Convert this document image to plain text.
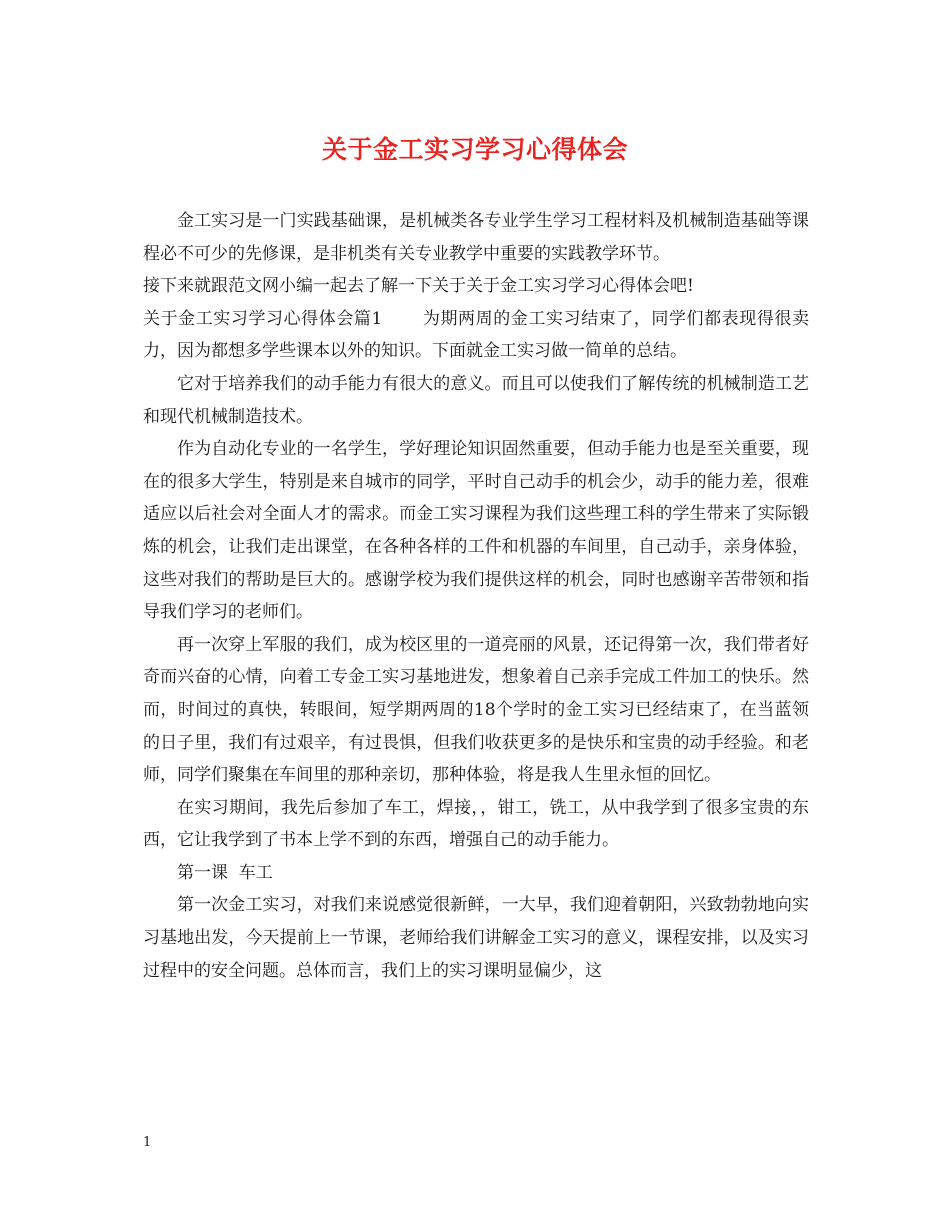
关于金工实习学习心得体会

金工实习是一门实践基础课，是机械类各专业学生学习工程材料及机械制造基础等课程必不可少的先修课，是非机类有关专业教学中重要的实践教学环节。

接下来就跟范文网小编一起去了解一下关于关于金工实习学习心得体会吧!

关于金工实习学习心得体会篇1 为期两周的金工实习结束了，同学们都表现得很卖力，因为都想多学些课本以外的知识。下面就金工实习做一简单的总结。

它对于培养我们的动手能力有很大的意义。而且可以使我们了解传统的机械制造工艺和现代机械制造技术。

作为自动化专业的一名学生，学好理论知识固然重要，但动手能力也是至关重要，现在的很多大学生，特别是来自城市的同学，平时自己动手的机会少，动手的能力差，很难适应以后社会对全面人才的需求。而金工实习课程为我们这些理工科的学生带来了实际锻炼的机会，让我们走出课堂，在各种各样的工件和机器的车间里，自己动手，亲身体验，这些对我们的帮助是巨大的。感谢学校为我们提供这样的机会，同时也感谢辛苦带领和指导我们学习的老师们。

再一次穿上军服的我们，成为校区里的一道亮丽的风景，还记得第一次，我们带者好奇而兴奋的心情，向着工专金工实习基地进发，想象着自己亲手完成工件加工的快乐。然而，时间过的真快，转眼间，短学期两周的18个学时的金工实习已经结束了，在当蓝领的日子里，我们有过艰辛，有过畏惧，但我们收获更多的是快乐和宝贵的动手经验。和老师，同学们聚集在车间里的那种亲切，那种体验，将是我人生里永恒的回忆。

在实习期间，我先后参加了车工，焊接，，钳工，铣工，从中我学到了很多宝贵的东西，它让我学到了书本上学不到的东西，增强自己的动手能力。

第一课  车工

第一次金工实习，对我们来说感觉很新鲜，一大早，我们迎着朝阳，兴致勃勃地向实习基地出发，今天提前上一节课，老师给我们讲解金工实习的意义，课程安排，以及实习过程中的安全问题。总体而言，我们上的实习课明显偏少，这

1
